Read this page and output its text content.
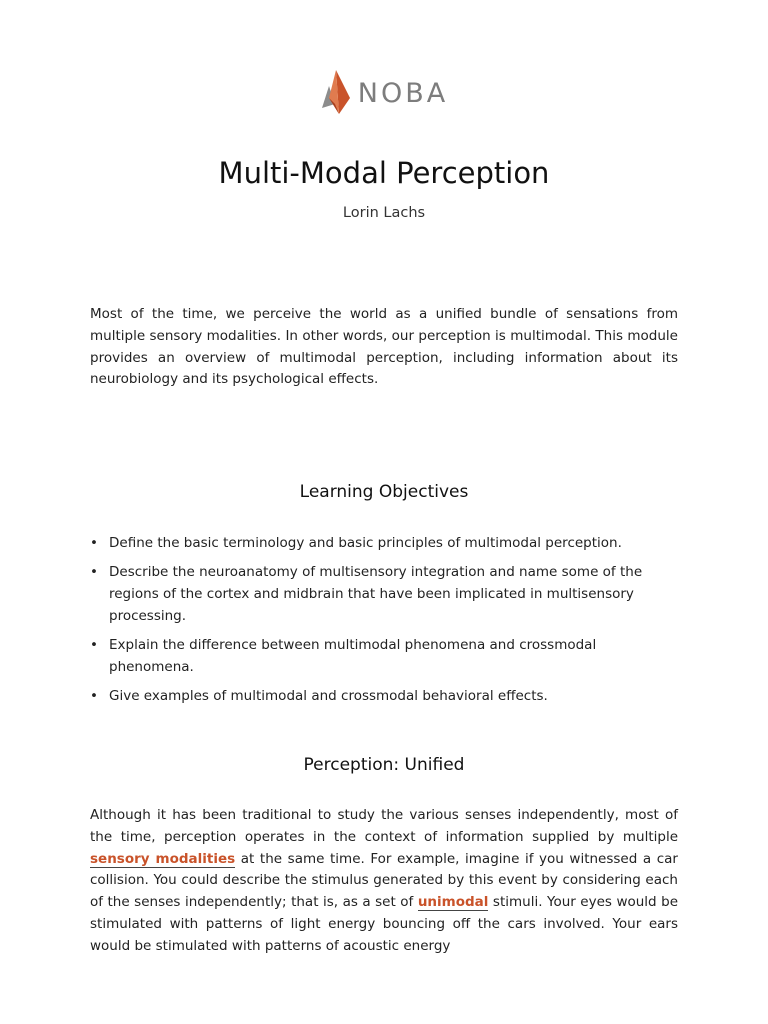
NOBA
Multi-Modal Perception
Lorin Lachs

Most of the time, we perceive the world as a unified bundle of sensations from multiple sensory modalities. In other words, our perception is multimodal. This module provides an overview of multimodal perception, including information about its neurobiology and its psychological effects.

Learning Objectives
• Define the basic terminology and basic principles of multimodal perception.
• Describe the neuroanatomy of multisensory integration and name some of the regions of the cortex and midbrain that have been implicated in multisensory processing.
• Explain the difference between multimodal phenomena and crossmodal phenomena.
• Give examples of multimodal and crossmodal behavioral effects.
Perception: Unified

Although it has been traditional to study the various senses independently, most of the time, perception operates in the context of information supplied by multiple sensory modalities at the same time. For example, imagine if you witnessed a car collision. You could describe the stimulus generated by this event by considering each of the senses independently; that is, as a set of unimodal stimuli. Your eyes would be stimulated with patterns of light energy bouncing off the cars involved. Your ears would be stimulated with patterns of acoustic energy
